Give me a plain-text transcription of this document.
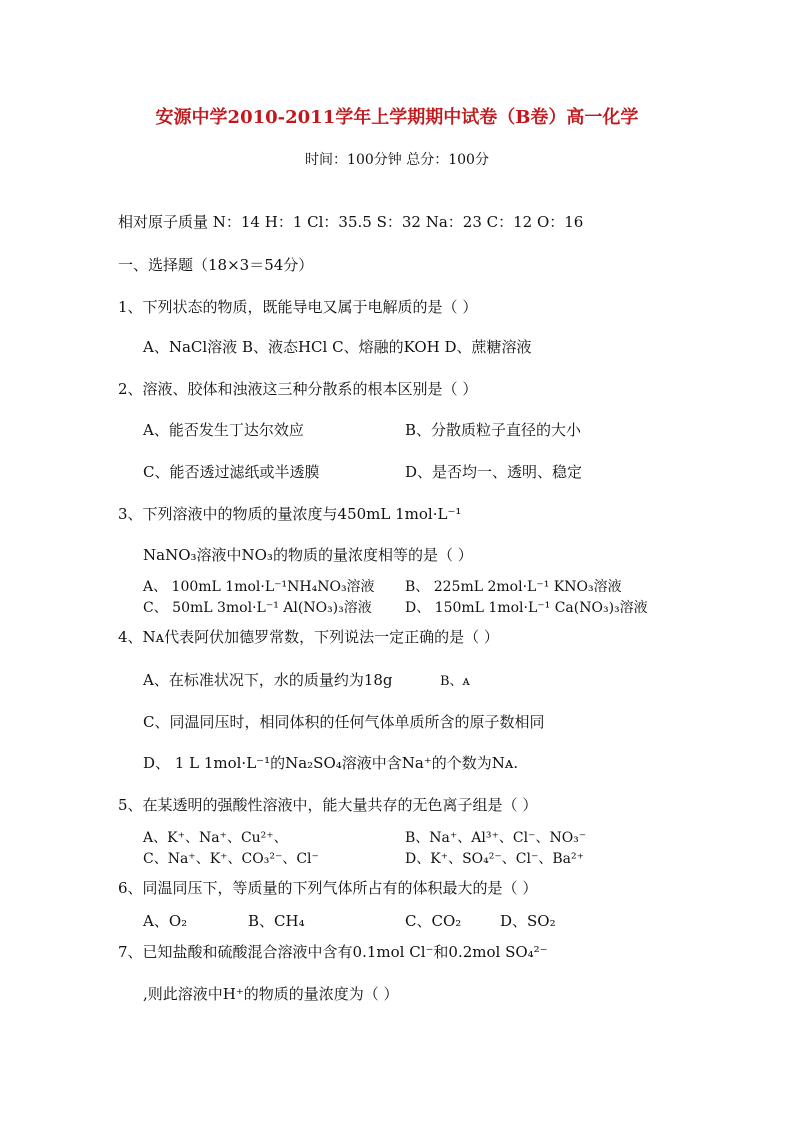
安源中学2010-2011学年上学期期中试卷（B卷）高一化学
时间：100分钟 总分：100分
相对原子质量 N：14 H：1 Cl：35.5 S：32 Na：23 C：12 O：16
一、选择题（18×3＝54分）
1、下列状态的物质，既能导电又属于电解质的是（ ）
A、NaCl溶液 B、液态HCl C、熔融的KOH D、蔗糖溶液
2、溶液、胶体和浊液这三种分散系的根本区别是（ ）
A、能否发生丁达尔效应	B、分散质粒子直径的大小
C、能否透过滤纸或半透膜	D、是否均一、透明、稳定
3、下列溶液中的物质的量浓度与450mL 1mol·L⁻¹
NaNO₃溶液中NO₃的物质的量浓度相等的是（ ）
A、 100mL 1mol·L⁻¹NH₄NO₃溶液 B、 225mL 2mol·L⁻¹ KNO₃溶液
C、 50mL 3mol·L⁻¹ Al(NO₃)₃溶液 D、 150mL 1mol·L⁻¹ Ca(NO₃)₃溶液
4、Nᴀ代表阿伏加德罗常数，下列说法一定正确的是（ ）
A、在标准状况下，水的质量约为18g	B、ᴀ
C、同温同压时，相同体积的任何气体单质所含的原子数相同
D、 1 L 1mol·L⁻¹的Na₂SO₄溶液中含Na⁺的个数为Nᴀ.
5、在某透明的强酸性溶液中，能大量共存的无色离子组是（ ）
A、K⁺、Na⁺、Cu²⁺、	B、Na⁺、Al³⁺、Cl⁻、NO₃⁻
C、Na⁺、K⁺、CO₃²⁻、Cl⁻	D、K⁺、SO₄²⁻、Cl⁻、Ba²⁺
6、同温同压下，等质量的下列气体所占有的体积最大的是（ ）
A、O₂	B、CH₄	C、CO₂	D、SO₂
7、已知盐酸和硫酸混合溶液中含有0.1mol Cl⁻和0.2mol SO₄²⁻
,则此溶液中H⁺的物质的量浓度为（ ）
